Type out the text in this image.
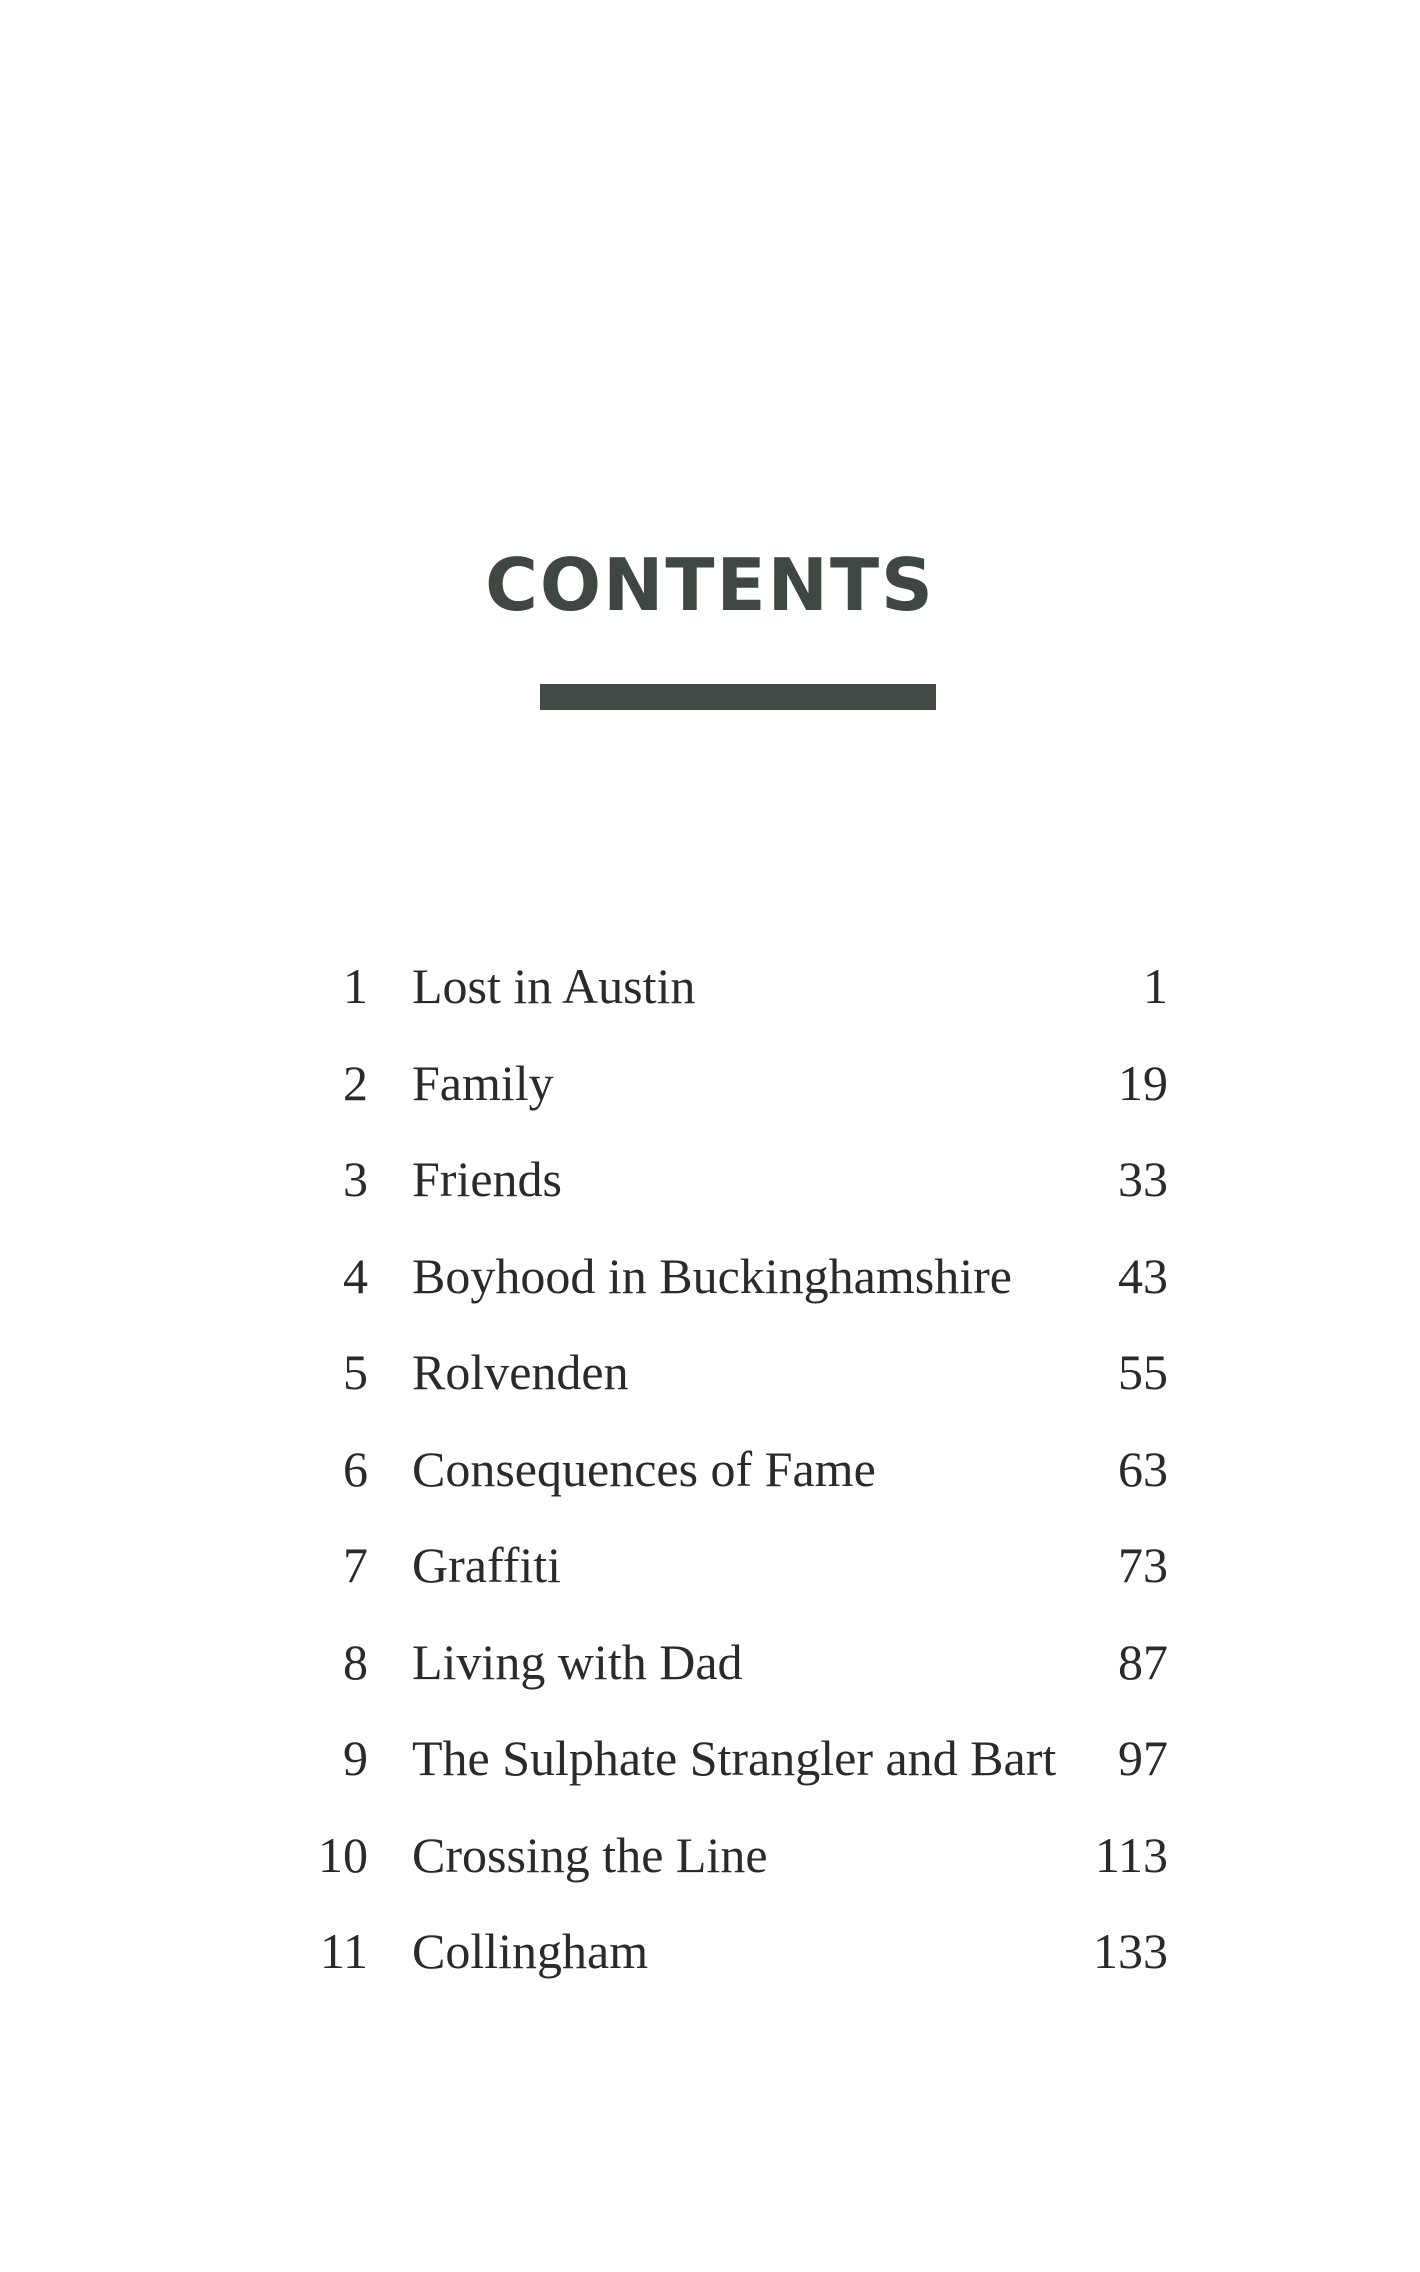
CONTENTS
1 Lost in Austin	1
2 Family	19
3 Friends	33
4 Boyhood in Buckinghamshire 43
5 Rolvenden	55
6 Consequences of Fame	63
7 Graffiti	73
8 Living with Dad	87
9 The Sulphate Strangler and Bart 97
10 Crossing the Line	113
11 Collingham	133
